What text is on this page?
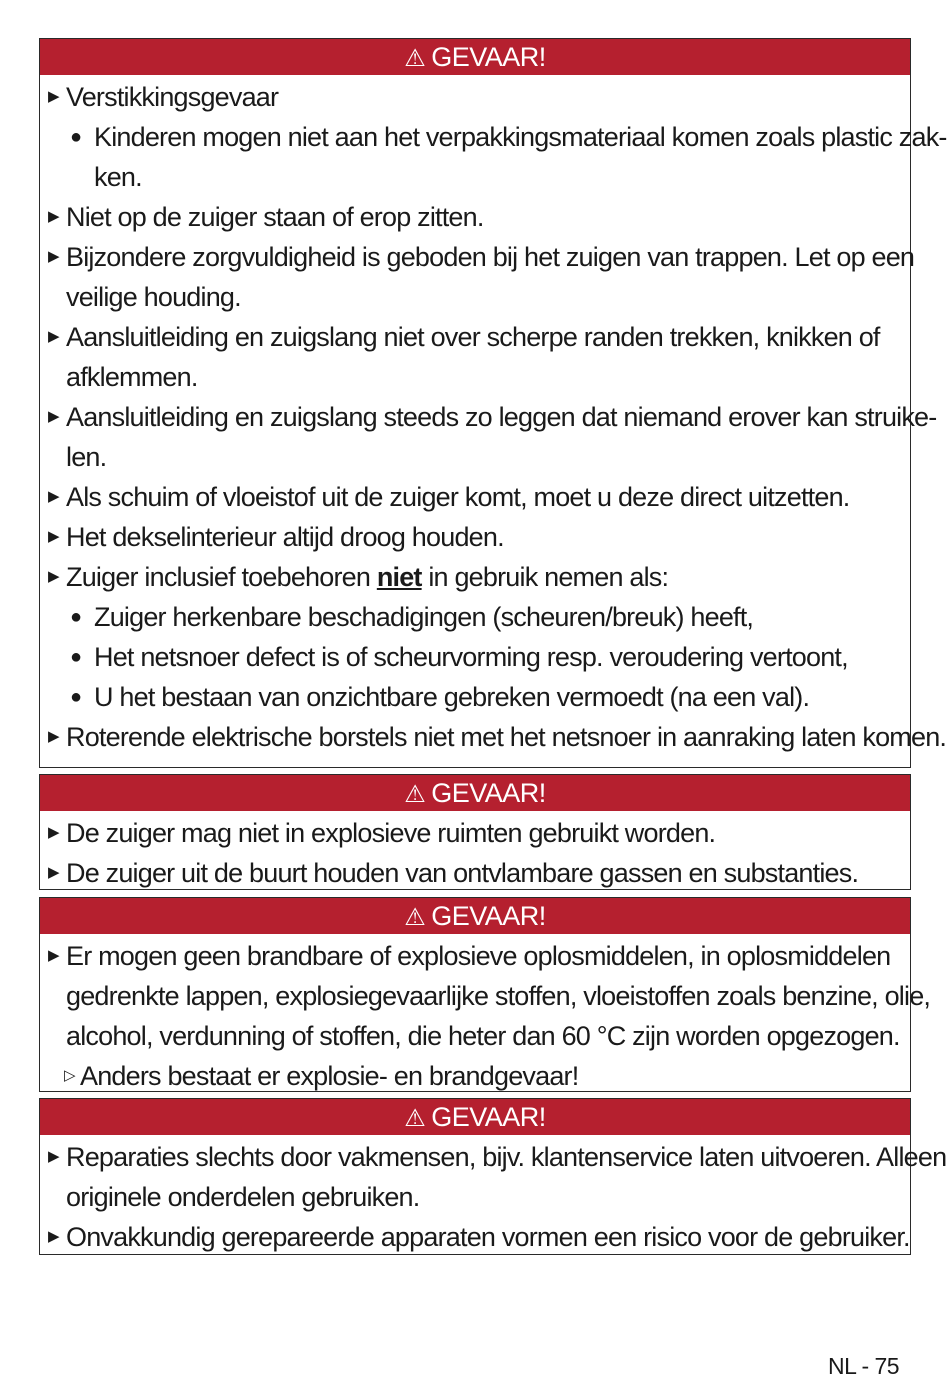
⚠ GEVAAR!
▶ Verstikkingsgevaar
● Kinderen mogen niet aan het verpakkingsmateriaal komen zoals plastic zak-
ken.
▶ Niet op de zuiger staan of erop zitten.
▶ Bijzondere zorgvuldigheid is geboden bij het zuigen van trappen. Let op een
veilige houding.
▶ Aansluitleiding en zuigslang niet over scherpe randen trekken, knikken of
afklemmen.
▶ Aansluitleiding en zuigslang steeds zo leggen dat niemand erover kan struike-
len.
▶ Als schuim of vloeistof uit de zuiger komt, moet u deze direct uitzetten.
▶ Het dekselinterieur altijd droog houden.
▶ Zuiger inclusief toebehoren niet in gebruik nemen als:
● Zuiger herkenbare beschadigingen (scheuren/breuk) heeft,
● Het netsnoer defect is of scheurvorming resp. veroudering vertoont,
● U het bestaan van onzichtbare gebreken vermoedt (na een val).
▶ Roterende elektrische borstels niet met het netsnoer in aanraking laten komen.
⚠ GEVAAR!
▶ De zuiger mag niet in explosieve ruimten gebruikt worden.
▶ De zuiger uit de buurt houden van ontvlambare gassen en substanties.
⚠ GEVAAR!
▶ Er mogen geen brandbare of explosieve oplosmiddelen, in oplosmiddelen
gedrenkte lappen, explosiegevaarlijke stoffen, vloeistoffen zoals benzine, olie,
alcohol, verdunning of stoffen, die heter dan 60 °C zijn worden opgezogen.
▷ Anders bestaat er explosie- en brandgevaar!
⚠ GEVAAR!
▶ Reparaties slechts door vakmensen, bijv. klantenservice laten uitvoeren. Alleen
originele onderdelen gebruiken.
▶ Onvakkundig gerepareerde apparaten vormen een risico voor de gebruiker.
NL - 75
